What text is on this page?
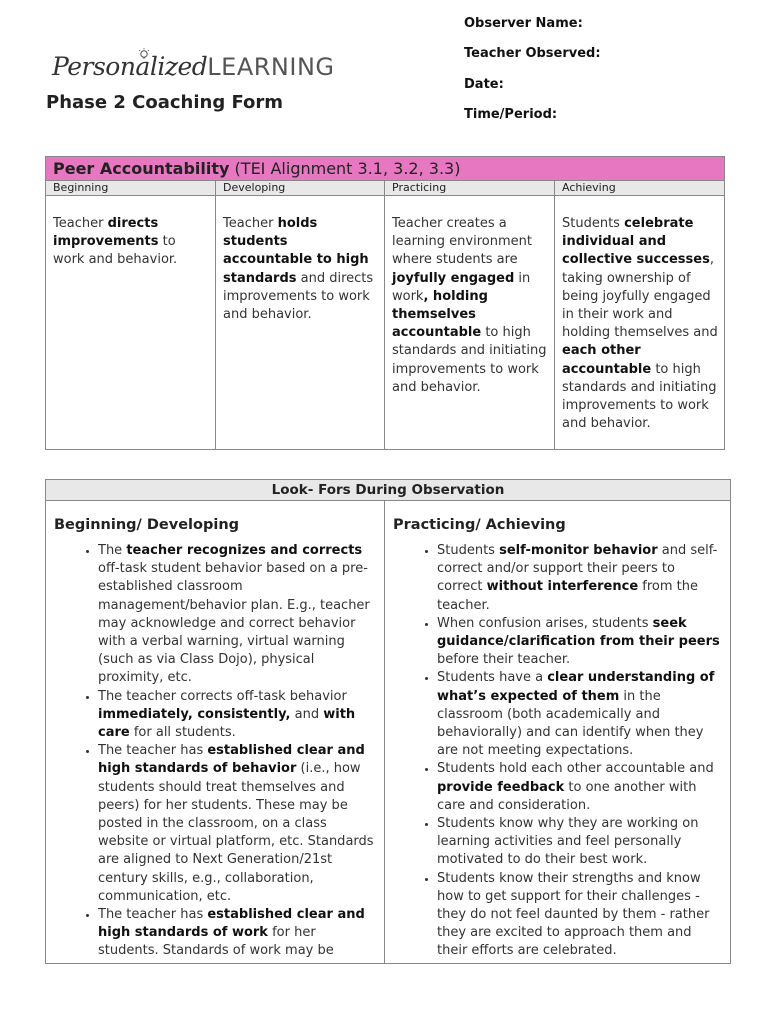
PersonalizedLEARNING
Phase 2 Coaching Form
Observer Name:
Teacher Observed:
Date:
Time/Period:
Peer Accountability (TEI Alignment 3.1, 3.2, 3.3)
Beginning	Developing	Practicing	Achieving
Teacher directs improvements to work and behavior.
Teacher holds students accountable to high standards and directs improvements to work and behavior.
Teacher creates a learning environment where students are joyfully engaged in work, holding themselves accountable to high standards and initiating improvements to work and behavior.
Students celebrate individual and collective successes, taking ownership of being joyfully engaged in their work and holding themselves and each other accountable to high standards and initiating improvements to work and behavior.
Look- Fors During Observation
Beginning/ Developing
• The teacher recognizes and corrects off-task student behavior based on a pre-established classroom management/behavior plan. E.g., teacher may acknowledge and correct behavior with a verbal warning, virtual warning (such as via Class Dojo), physical proximity, etc.
• The teacher corrects off-task behavior immediately, consistently, and with care for all students.
• The teacher has established clear and high standards of behavior (i.e., how students should treat themselves and peers) for her students. These may be posted in the classroom, on a class website or virtual platform, etc. Standards are aligned to Next Generation/21st century skills, e.g., collaboration, communication, etc.
• The teacher has established clear and high standards of work for her students. Standards of work may be
Practicing/ Achieving
• Students self-monitor behavior and self-correct and/or support their peers to correct without interference from the teacher.
• When confusion arises, students seek guidance/clarification from their peers before their teacher.
• Students have a clear understanding of what’s expected of them in the classroom (both academically and behaviorally) and can identify when they are not meeting expectations.
• Students hold each other accountable and provide feedback to one another with care and consideration.
• Students know why they are working on learning activities and feel personally motivated to do their best work.
• Students know their strengths and know how to get support for their challenges - they do not feel daunted by them - rather they are excited to approach them and their efforts are celebrated.
